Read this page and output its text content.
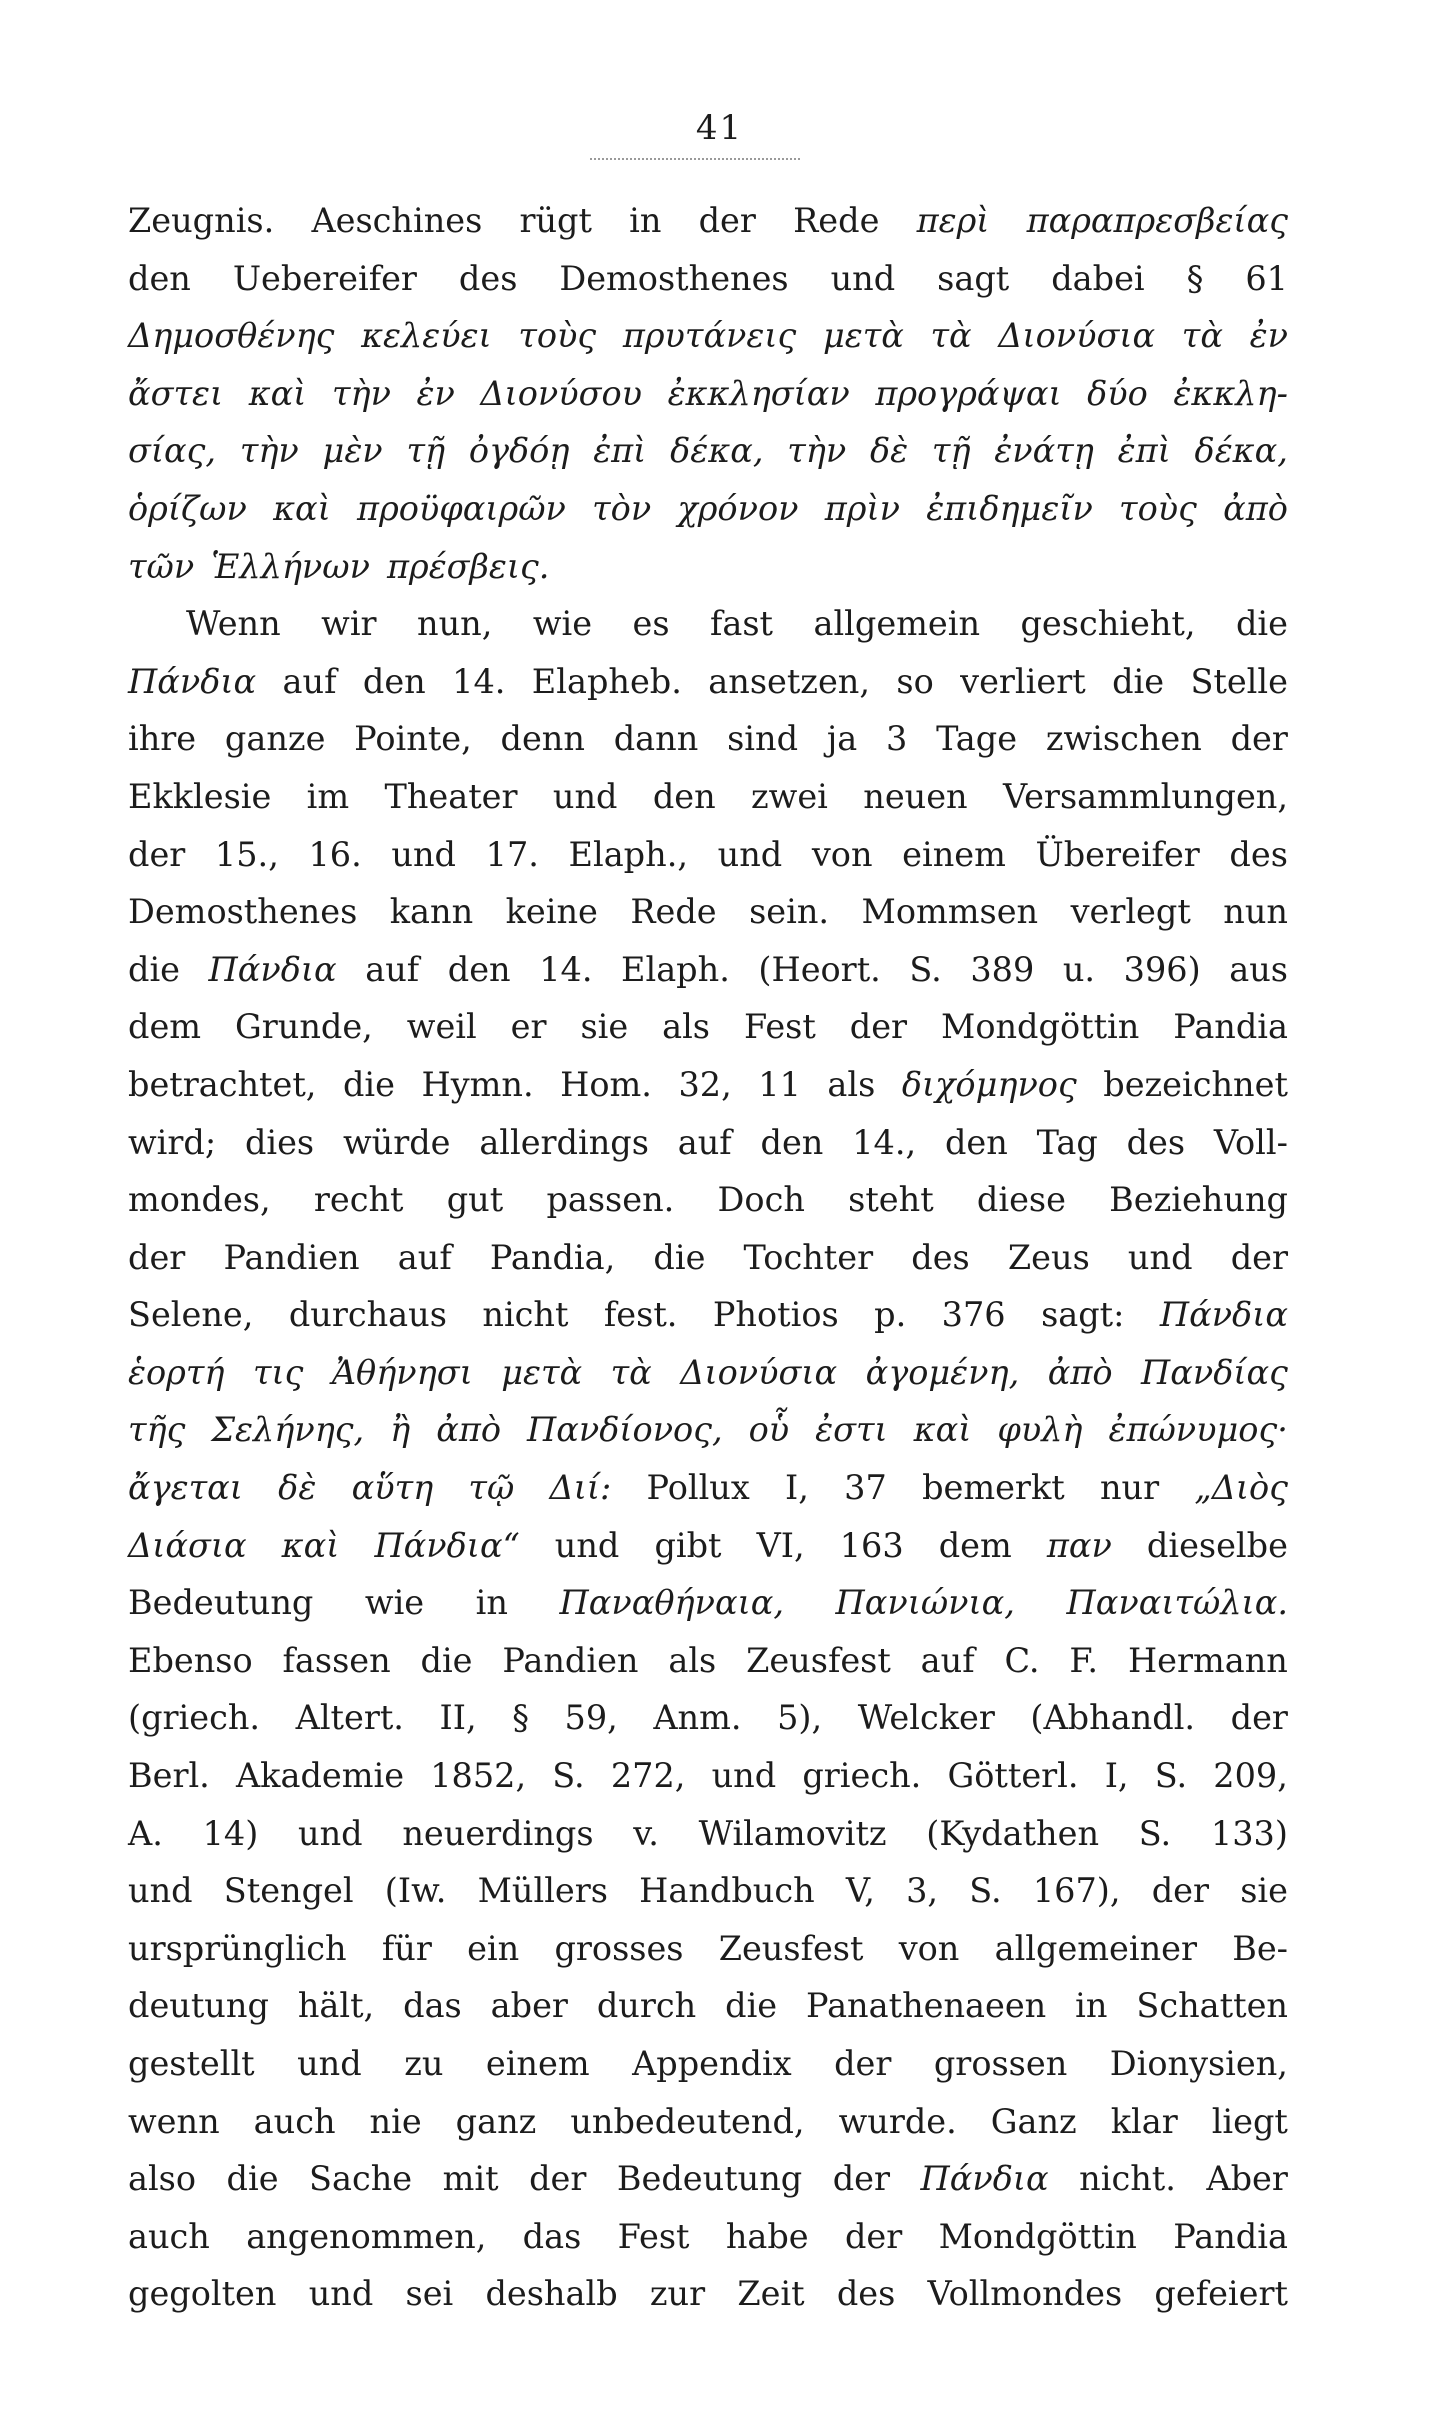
41
Zeugnis. Aeschines rügt in der Rede περὶ παραπρεσβείας
den Uebereifer des Demosthenes und sagt dabei § 61
Δημοσθένης κελεύει τοὺς πρυτάνεις μετὰ τὰ Διονύσια τὰ ἐν
ἄστει καὶ τὴν ἐν Διονύσου ἐκκλησίαν προγράψαι δύο ἐκκλη-
σίας, τὴν μὲν τῇ ὀγδόῃ ἐπὶ δέκα, τὴν δὲ τῇ ἐνάτῃ ἐπὶ δέκα,
ὁρίζων καὶ προϋφαιρῶν τὸν χρόνον πρὶν ἐπιδημεῖν τοὺς ἀπὸ
τῶν Ἑλλήνων πρέσβεις.
Wenn wir nun, wie es fast allgemein geschieht, die
Πάνδια auf den 14. Elapheb. ansetzen, so verliert die Stelle
ihre ganze Pointe, denn dann sind ja 3 Tage zwischen der
Ekklesie im Theater und den zwei neuen Versammlungen,
der 15., 16. und 17. Elaph., und von einem Übereifer des
Demosthenes kann keine Rede sein. Mommsen verlegt nun
die Πάνδια auf den 14. Elaph. (Heort. S. 389 u. 396) aus
dem Grunde, weil er sie als Fest der Mondgöttin Pandia
betrachtet, die Hymn. Hom. 32, 11 als διχόμηνος bezeichnet
wird; dies würde allerdings auf den 14., den Tag des Voll-
mondes, recht gut passen. Doch steht diese Beziehung
der Pandien auf Pandia, die Tochter des Zeus und der
Selene, durchaus nicht fest. Photios p. 376 sagt: Πάνδια
ἑορτή τις Ἀθήνησι μετὰ τὰ Διονύσια ἀγομένη, ἀπὸ Πανδίας
τῆς Σελήνης, ἢ ἀπὸ Πανδίονος, οὗ ἐστι καὶ φυλὴ ἐπώνυμος·
ἄγεται δὲ αὕτη τῷ Διί: Pollux I, 37 bemerkt nur „Διὸς
Διάσια καὶ Πάνδια“ und gibt VI, 163 dem παν dieselbe
Bedeutung wie in Παναθήναια, Πανιώνια, Παναιτώλια.
Ebenso fassen die Pandien als Zeusfest auf C. F. Hermann
(griech. Altert. II, § 59, Anm. 5), Welcker (Abhandl. der
Berl. Akademie 1852, S. 272, und griech. Götterl. I, S. 209,
A. 14) und neuerdings v. Wilamovitz (Kydathen S. 133)
und Stengel (Iw. Müllers Handbuch V, 3, S. 167), der sie
ursprünglich für ein grosses Zeusfest von allgemeiner Be-
deutung hält, das aber durch die Panathenaeen in Schatten
gestellt und zu einem Appendix der grossen Dionysien,
wenn auch nie ganz unbedeutend, wurde. Ganz klar liegt
also die Sache mit der Bedeutung der Πάνδια nicht. Aber
auch angenommen, das Fest habe der Mondgöttin Pandia
gegolten und sei deshalb zur Zeit des Vollmondes gefeiert
